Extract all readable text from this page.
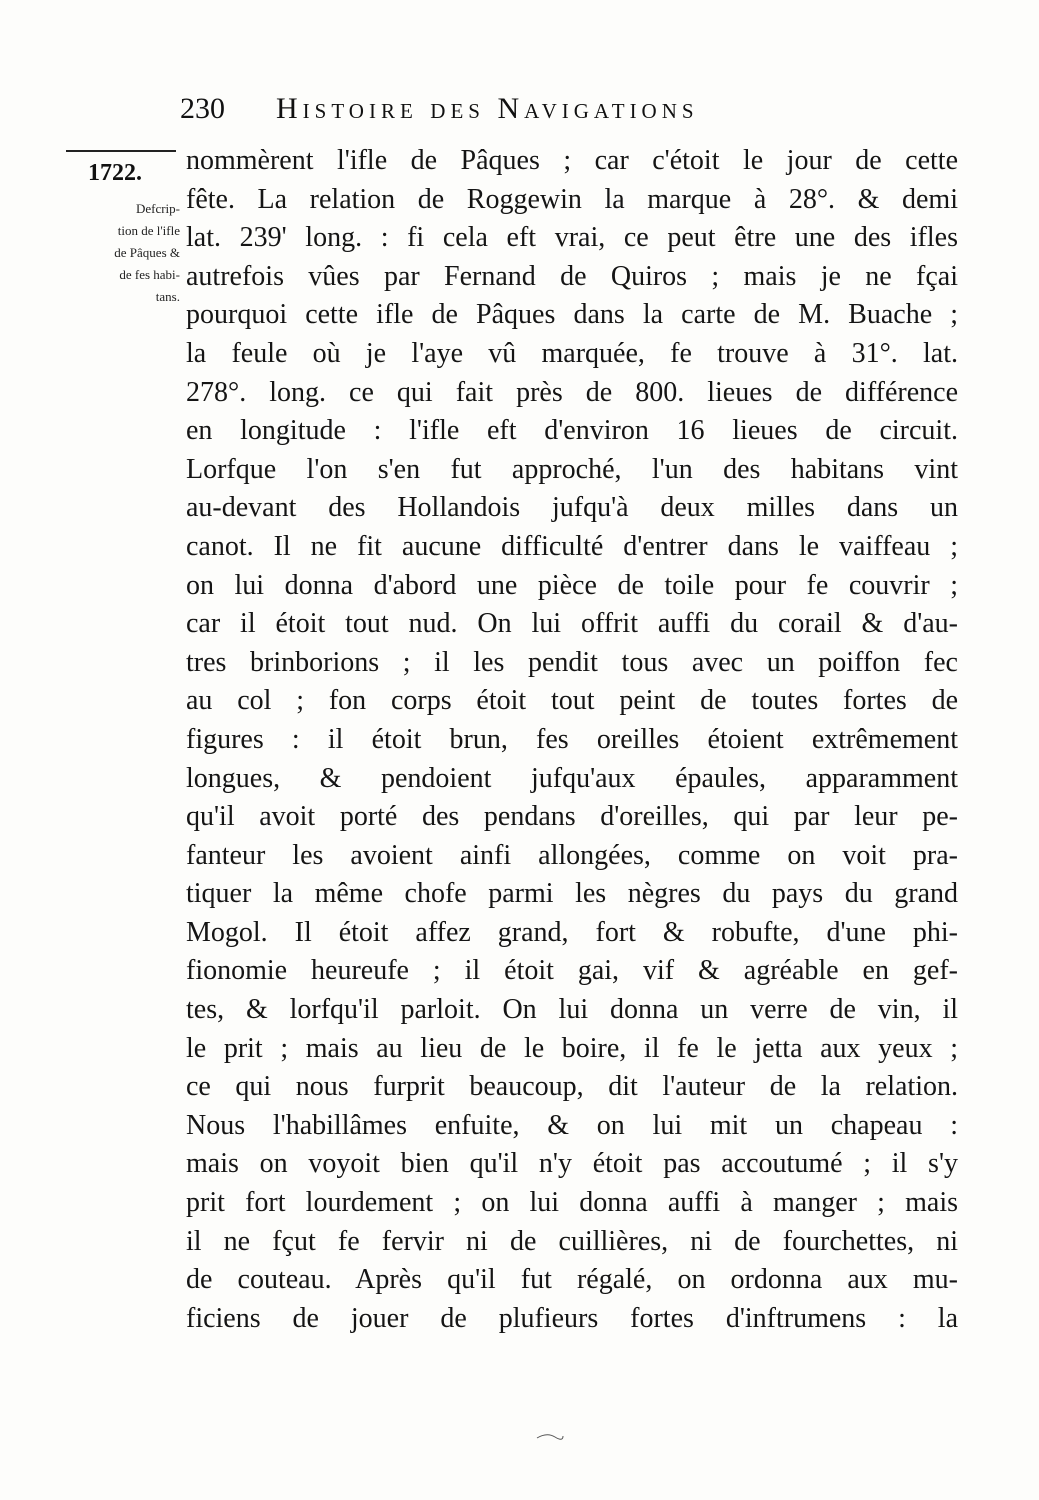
230 Histoire des Navigations
1722.
Defcrip-
tion de l'ifle
de Pâques &
de fes habi-
tans.
nommèrent l'ifle de Pâques ; car c'étoit le jour de cette
fête. La relation de Roggewin la marque à 28°. & demi
lat. 239' long. : fi cela eft vrai, ce peut être une des ifles
autrefois vûes par Fernand de Quiros ; mais je ne fçai
pourquoi cette ifle de Pâques dans la carte de M. Buache ;
la feule où je l'aye vû marquée, fe trouve à 31°. lat.
278°. long. ce qui fait près de 800. lieues de différence
en longitude : l'ifle eft d'environ 16 lieues de circuit.
Lorfque l'on s'en fut approché, l'un des habitans vint
au-devant des Hollandois jufqu'à deux milles dans un
canot. Il ne fit aucune difficulté d'entrer dans le vaiffeau ;
on lui donna d'abord une pièce de toile pour fe couvrir ;
car il étoit tout nud. On lui offrit auffi du corail & d'au-
tres brinborions ; il les pendit tous avec un poiffon fec
au col ; fon corps étoit tout peint de toutes fortes de
figures : il étoit brun, fes oreilles étoient extrêmement
longues, & pendoient jufqu'aux épaules, apparamment
qu'il avoit porté des pendans d'oreilles, qui par leur pe-
fanteur les avoient ainfi allongées, comme on voit pra-
tiquer la même chofe parmi les nègres du pays du grand
Mogol. Il étoit affez grand, fort & robufte, d'une phi-
fionomie heureufe ; il étoit gai, vif & agréable en gef-
tes, & lorfqu'il parloit. On lui donna un verre de vin, il
le prit ; mais au lieu de le boire, il fe le jetta aux yeux ;
ce qui nous furprit beaucoup, dit l'auteur de la relation.
Nous l'habillâmes enfuite, & on lui mit un chapeau :
mais on voyoit bien qu'il n'y étoit pas accoutumé ; il s'y
prit fort lourdement ; on lui donna auffi à manger ; mais
il ne fçut fe fervir ni de cuillières, ni de fourchettes, ni
de couteau. Après qu'il fut régalé, on ordonna aux mu-
ficiens de jouer de plufieurs fortes d'inftrumens : la
